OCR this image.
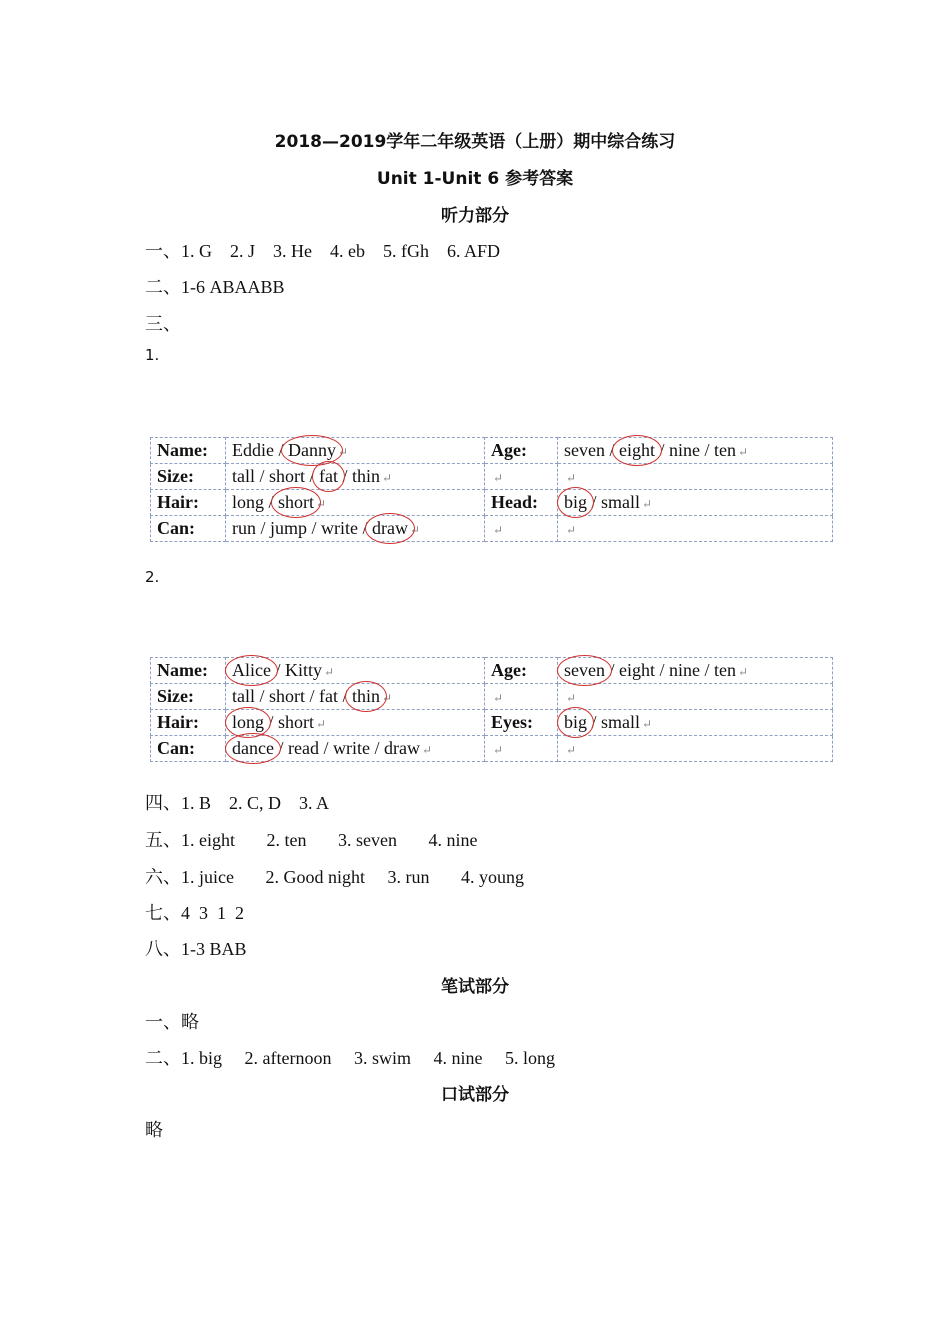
2018—2019学年二年级英语（上册）期中综合练习
Unit 1-Unit 6 参考答案
听力部分
一、1. G    2. J    3. He    4. eb    5. fGh    6. AFD
二、1-6 ABAABB
三、
1.
Name:	Eddie / Danny ↵	Age:	seven / eight / nine / ten ↵
Size:	tall / short / fat / thin ↵	↵	↵
Hair:	long / short ↵	Head:	big / small ↵
Can:	run / jump / write / draw ↵	↵	↵
2.
Name:	Alice / Kitty ↵	Age:	seven / eight / nine / ten ↵
Size:	tall / short / fat / thin ↵	↵	↵
Hair:	long / short ↵	Eyes:	big / small ↵
Can:	dance / read / write / draw ↵	↵	↵
四、1. B    2. C, D    3. A
五、1. eight       2. ten       3. seven       4. nine
六、1. juice       2. Good night     3. run       4. young
七、4  3  1  2
八、1-3 BAB
笔试部分
一、略
二、1. big     2. afternoon     3. swim     4. nine     5. long
口试部分
略
